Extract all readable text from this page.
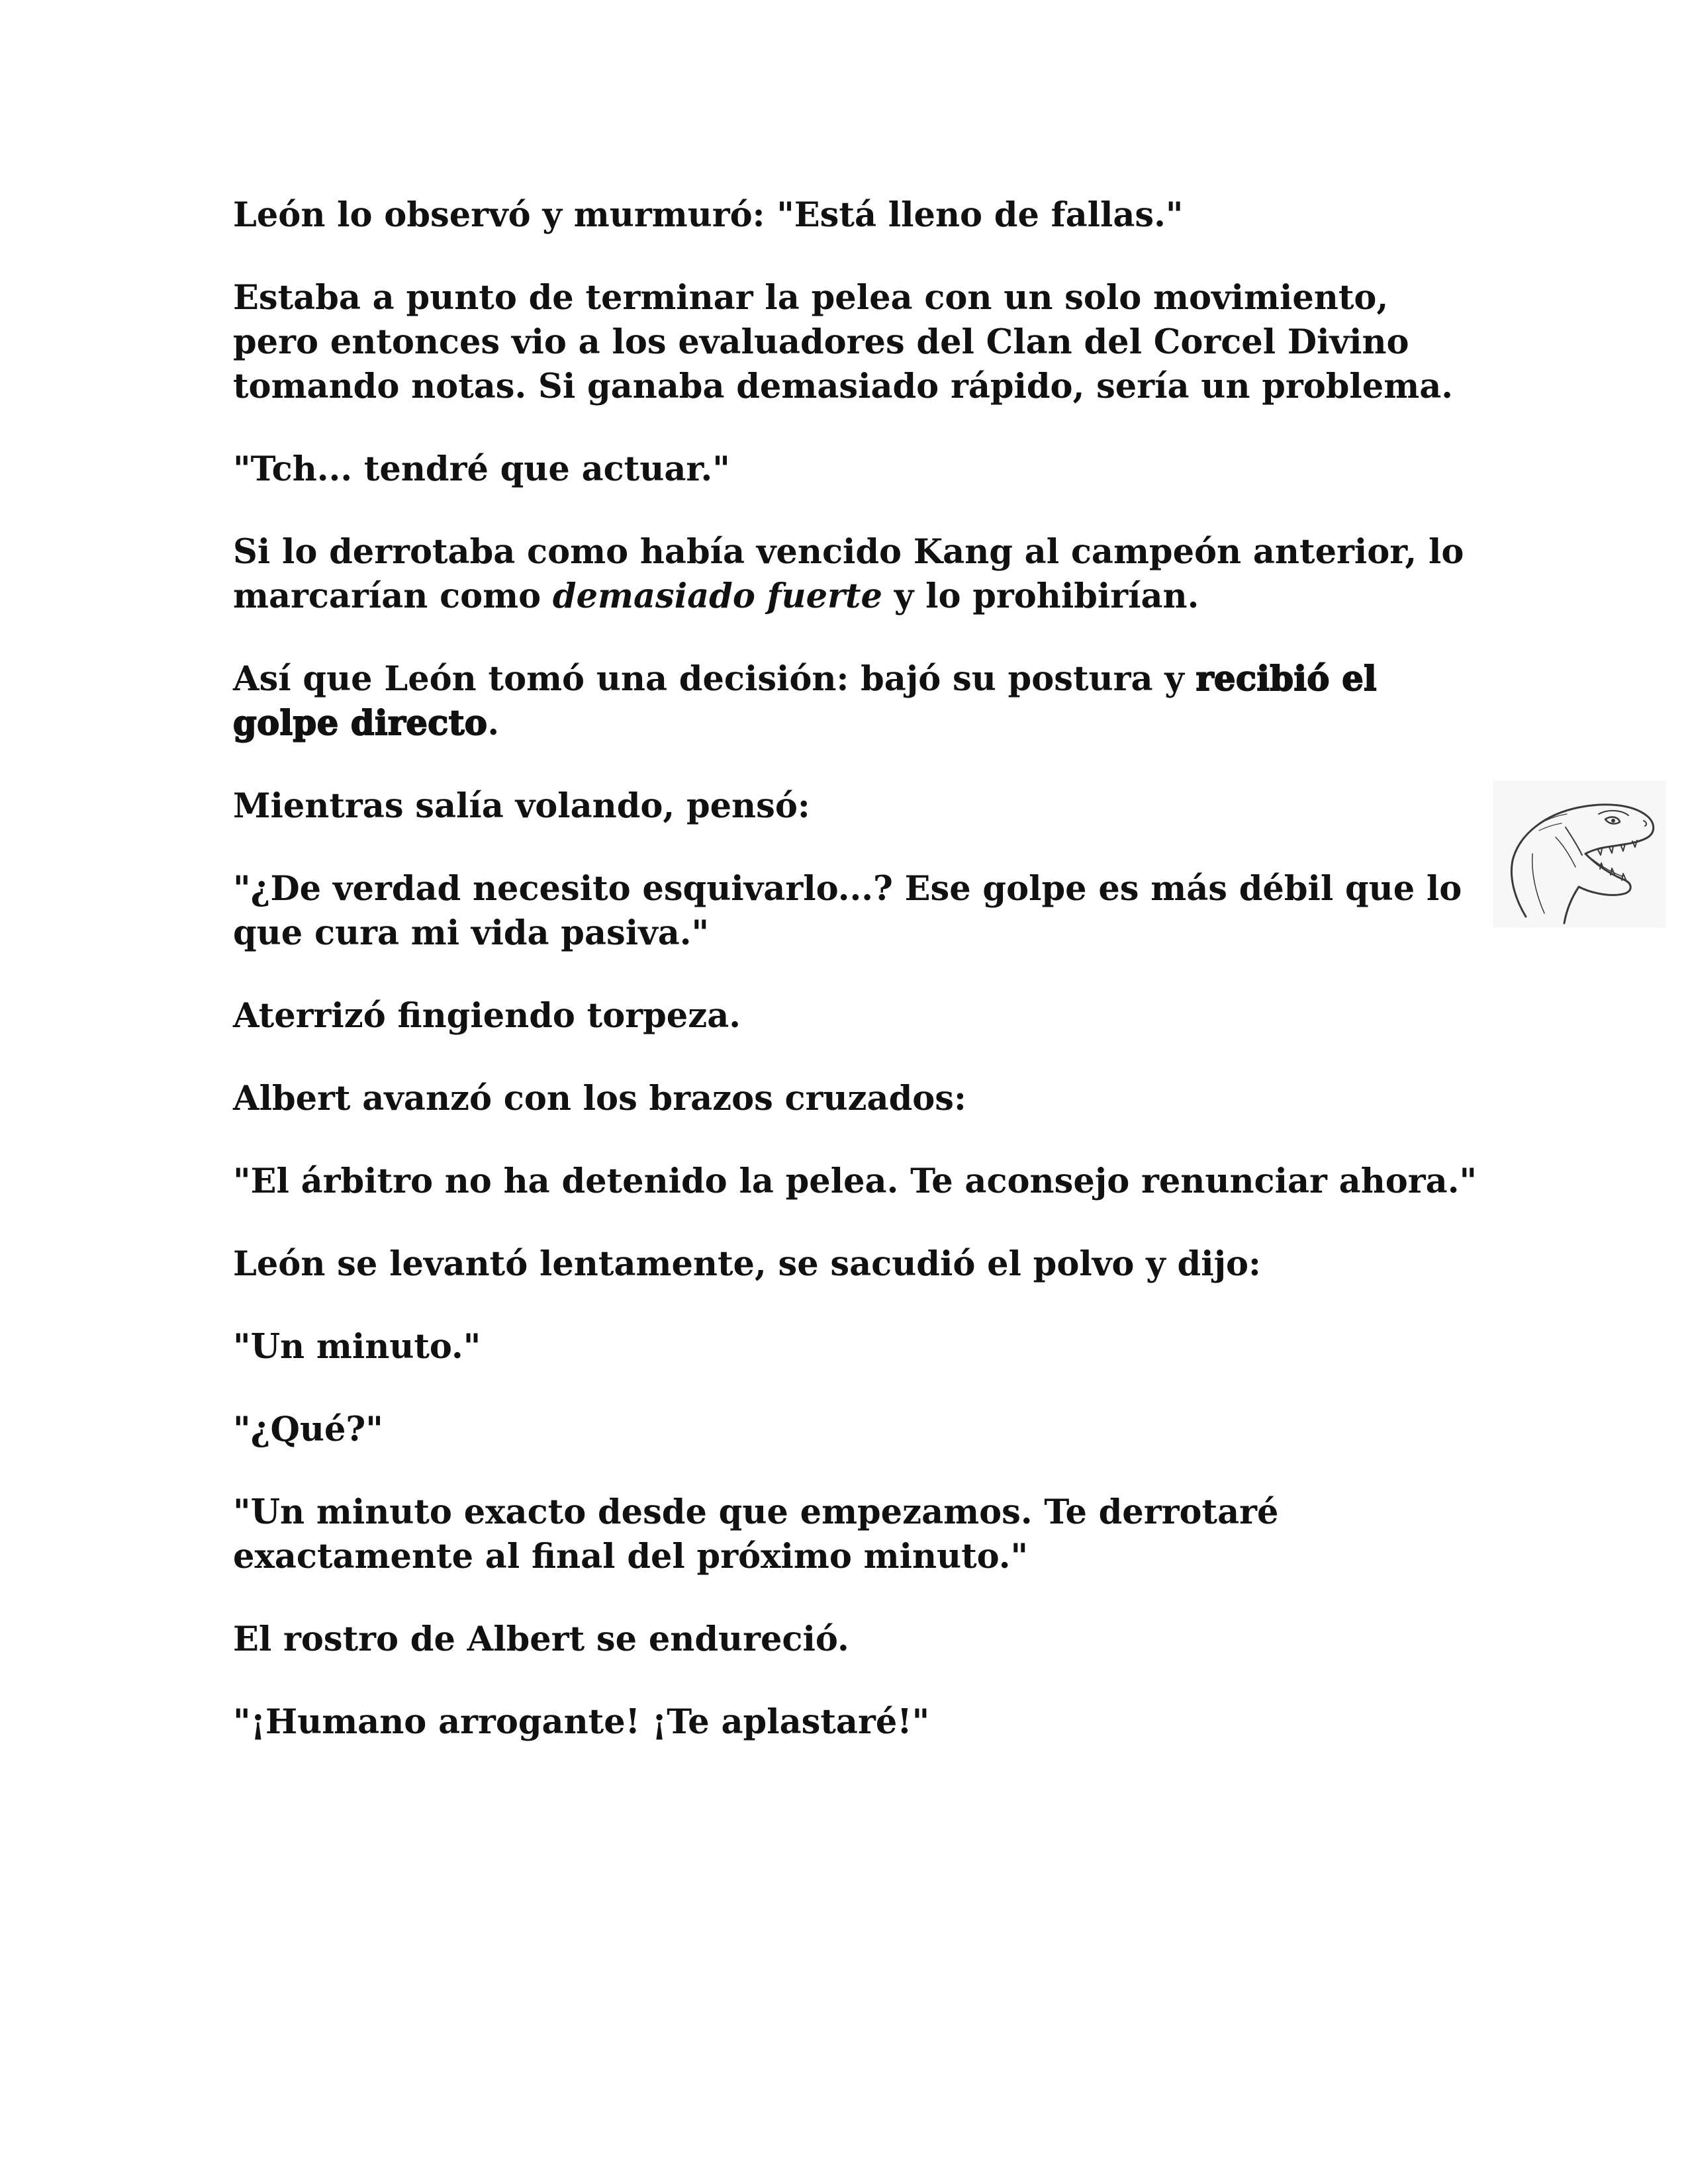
León lo observó y murmuró: "Está lleno de fallas."

Estaba a punto de terminar la pelea con un solo movimiento, pero entonces vio a los evaluadores del Clan del Corcel Divino tomando notas. Si ganaba demasiado rápido, sería un problema.

"Tch... tendré que actuar."

Si lo derrotaba como había vencido Kang al campeón anterior, lo marcarían como demasiado fuerte y lo prohibirían.

Así que León tomó una decisión: bajó su postura y recibió el golpe directo.

Mientras salía volando, pensó:

"¿De verdad necesito esquivarlo...? Ese golpe es más débil que lo que cura mi vida pasiva."

Aterrizó fingiendo torpeza.

Albert avanzó con los brazos cruzados:

"El árbitro no ha detenido la pelea. Te aconsejo renunciar ahora."

León se levantó lentamente, se sacudió el polvo y dijo:

"Un minuto."

"¿Qué?"

"Un minuto exacto desde que empezamos. Te derrotaré exactamente al final del próximo minuto."

El rostro de Albert se endureció.

"¡Humano arrogante! ¡Te aplastaré!"
